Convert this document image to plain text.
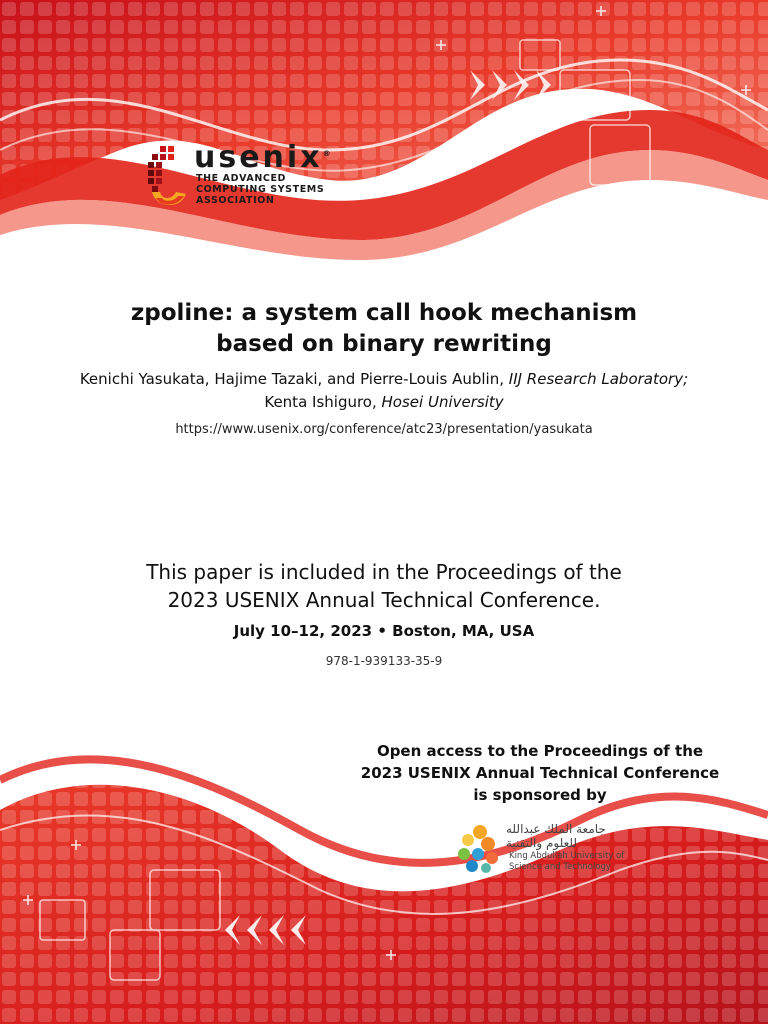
usenix®
THE ADVANCED
COMPUTING SYSTEMS
ASSOCIATION
zpoline: a system call hook mechanism
based on binary rewriting
Kenichi Yasukata, Hajime Tazaki, and Pierre-Louis Aublin, IIJ Research Laboratory;
Kenta Ishiguro, Hosei University
https://www.usenix.org/conference/atc23/presentation/yasukata
This paper is included in the Proceedings of the
2023 USENIX Annual Technical Conference.
July 10–12, 2023 • Boston, MA, USA
978-1-939133-35-9
Open access to the Proceedings of the
2023 USENIX Annual Technical Conference
is sponsored by
جامعة الملك عبدالله
للعلوم والتقنية
King Abdullah University of
Science and Technology
